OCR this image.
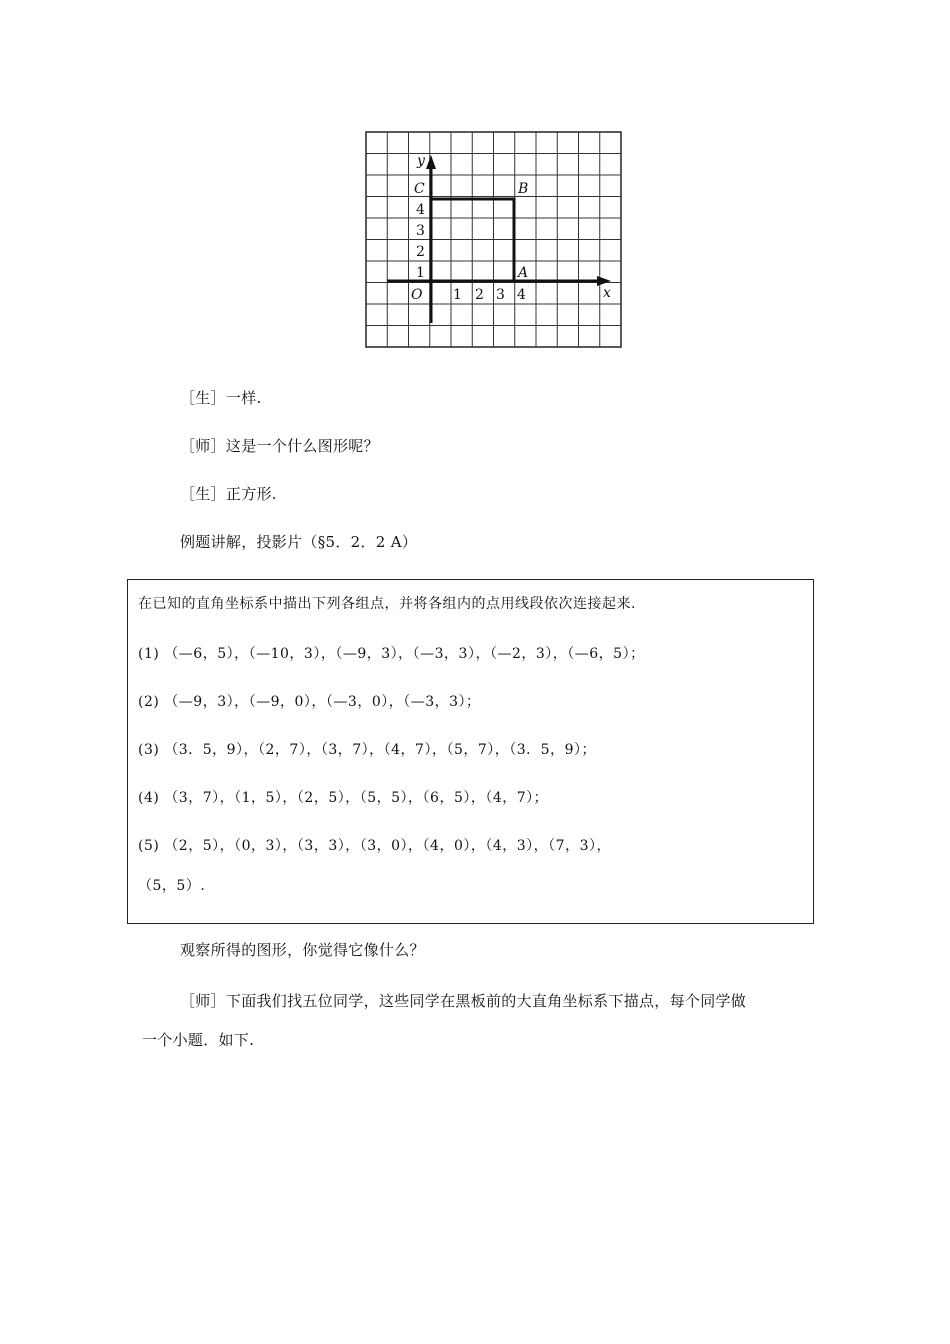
y
x
O
B
C
A
1 2 3 4
1
2
3
4
［生］一样.
［师］这是一个什么图形呢？
［生］正方形.
例题讲解，投影片（§5．2．2 A）
在已知的直角坐标系中描出下列各组点，并将各组内的点用线段依次连接起来.
(1) （—6，5），（—10，3），（—9，3），（—3，3），（—2，3），（—6，5）；
(2) （—9，3），（—9，0），（—3，0），（—3，3）；
(3) （3．5，9），（2，7），（3，7），（4，7），（5，7），（3．5，9）；
(4) （3，7），（1，5），（2，5），（5，5），（6，5），（4，7）；
(5) （2，5），（0，3），（3，3），（3，0），（4，0），（4，3），（7，3），
（5，5）.
观察所得的图形，你觉得它像什么？
［师］下面我们找五位同学，这些同学在黑板前的大直角坐标系下描点，每个同学做
一个小题．如下.
